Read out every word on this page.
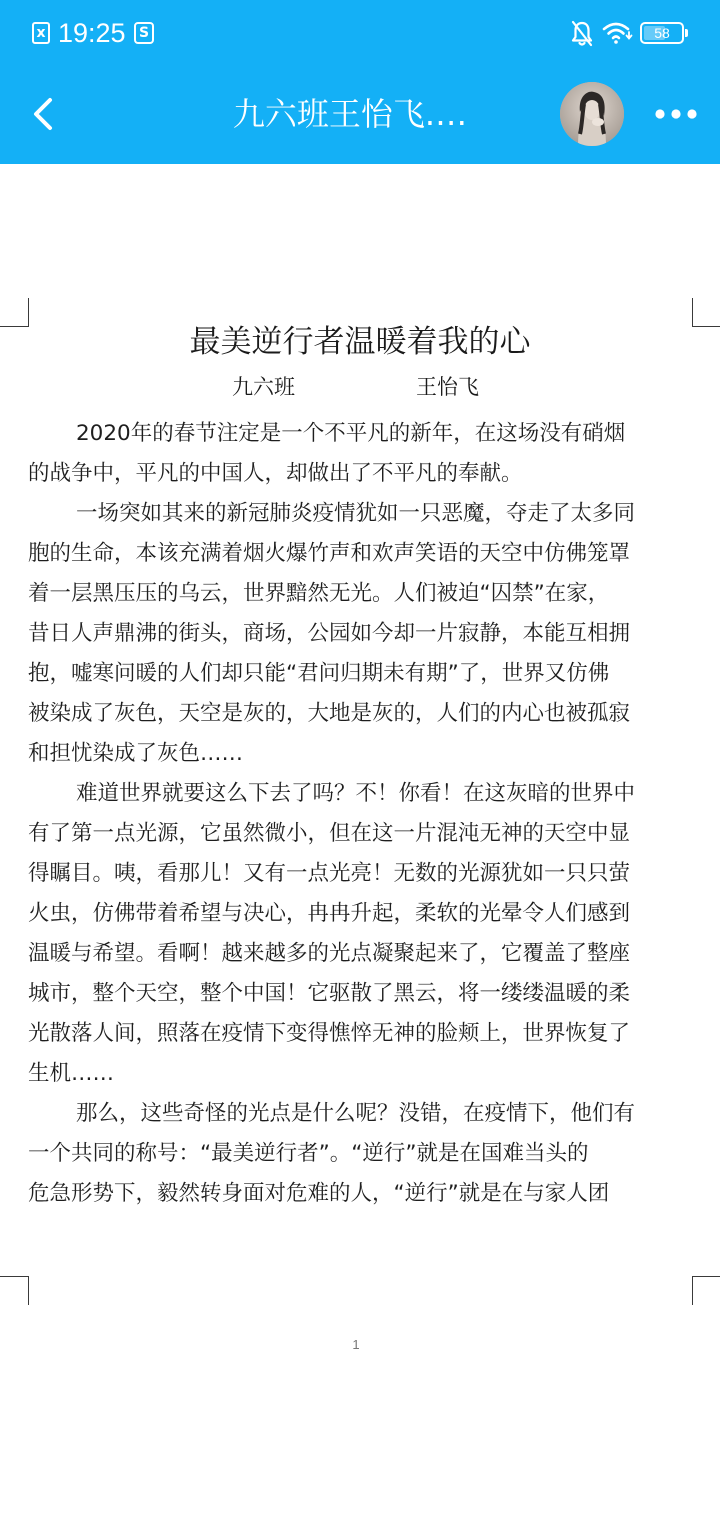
x 19:25 S	58
九六班王怡飞.…
最美逆行者温暖着我的心
九六班	王怡飞
2020年的春节注定是一个不平凡的新年，在这场没有硝烟
的战争中，平凡的中国人，却做出了不平凡的奉献。
一场突如其来的新冠肺炎疫情犹如一只恶魔，夺走了太多同
胞的生命，本该充满着烟火爆竹声和欢声笑语的天空中仿佛笼罩
着一层黑压压的乌云，世界黯然无光。人们被迫“囚禁”在家，
昔日人声鼎沸的街头，商场，公园如今却一片寂静，本能互相拥
抱，嘘寒问暖的人们却只能“君问归期未有期”了，世界又仿佛
被染成了灰色，天空是灰的，大地是灰的，人们的内心也被孤寂
和担忧染成了灰色……
难道世界就要这么下去了吗？不！你看！在这灰暗的世界中
有了第一点光源，它虽然微小，但在这一片混沌无神的天空中显
得瞩目。咦，看那儿！又有一点光亮！无数的光源犹如一只只萤
火虫，仿佛带着希望与决心，冉冉升起，柔软的光晕令人们感到
温暖与希望。看啊！越来越多的光点凝聚起来了，它覆盖了整座
城市，整个天空，整个中国！它驱散了黑云，将一缕缕温暖的柔
光散落人间，照落在疫情下变得憔悴无神的脸颊上，世界恢复了
生机……
那么，这些奇怪的光点是什么呢？没错，在疫情下，他们有
一个共同的称号：“最美逆行者”。“逆行”就是在国难当头的
危急形势下，毅然转身面对危难的人，“逆行”就是在与家人团
1
